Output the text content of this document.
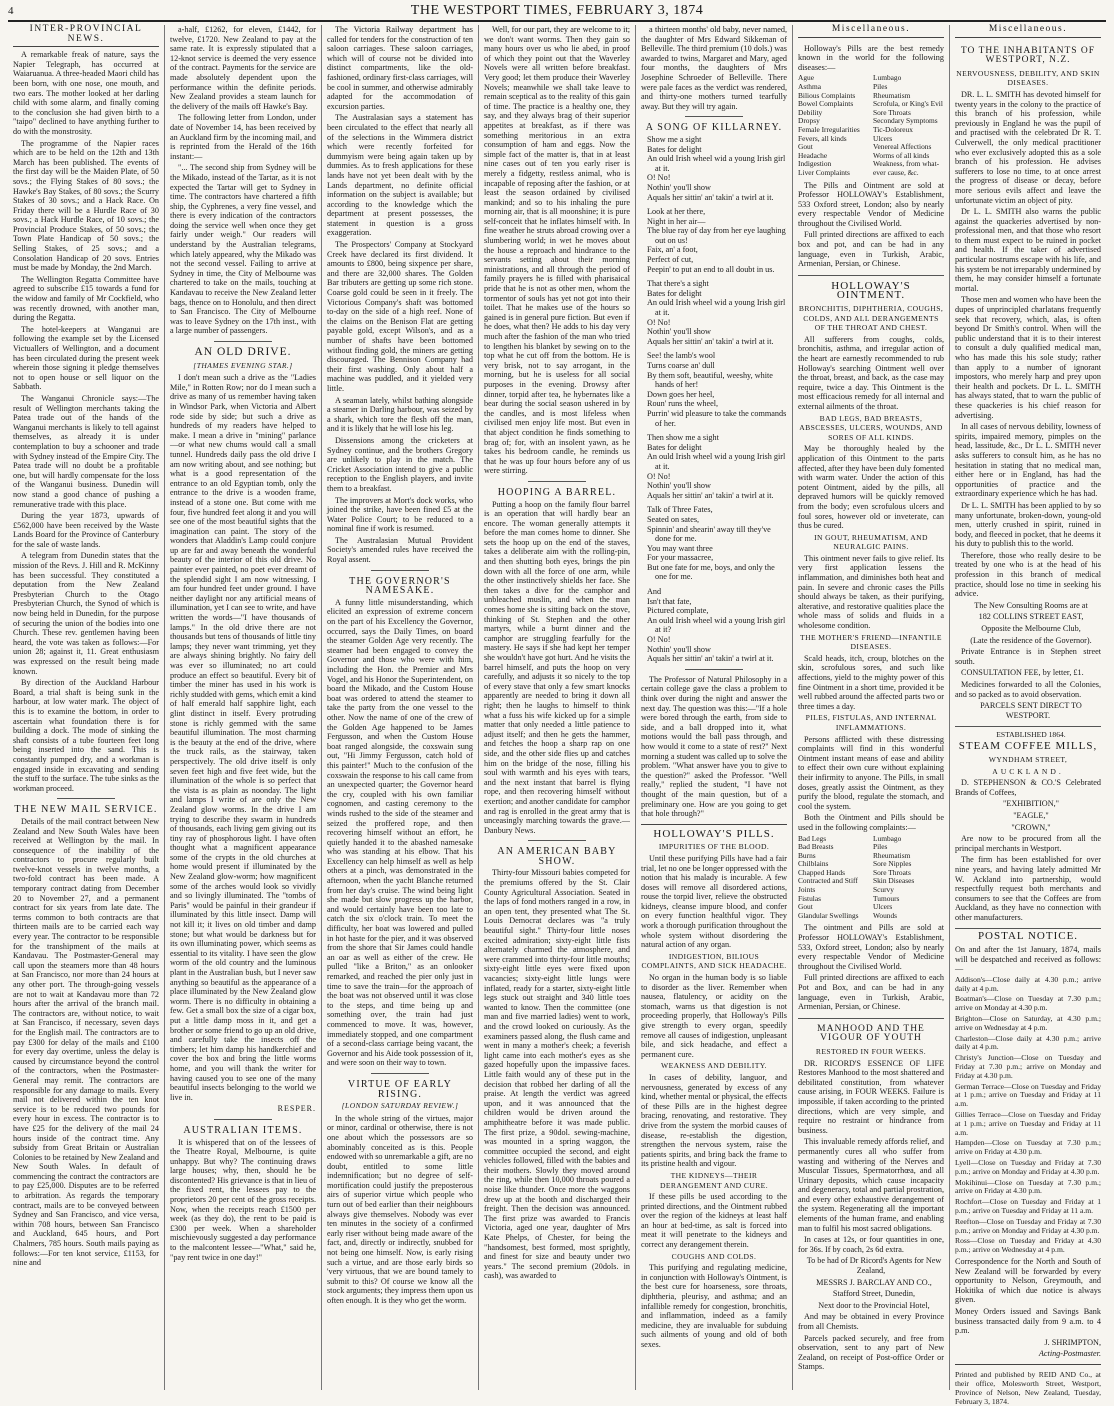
4	THE WESTPORT TIMES, FEBRUARY 3, 1874
INTER-PROVINCIAL NEWS.

A remarkable freak of nature, says the Napier Telegraph, has occurred at Waiaruanua. A three-headed Maori child has been born, with one nose, one mouth, and two ears. The mother looked at her darling child with some alarm, and finally coming to the conclusion she had given birth to a "taipo" declined to have anything further to do with the monstrosity.

The programme of the Napier races which are to be held on the 12th and 13th March has been published. The events of the first day will be the Maiden Plate, of 50 sovs.; the Flying Stakes of 80 sovs.; the Hawke's Bay Stakes, of 80 sovs.; the Scurry Stakes of 30 sovs.; and a Hack Race. On Friday there will be a Hurdle Race of 30 sovs.; a Hack Hurdle Race, of 10 sovs.; the Provincial Produce Stakes, of 50 sovs.; the Town Plate Handicap of 50 sovs.; the Selling Stakes, of 25 sovs.; and a Consolation Handicap of 20 sovs. Entries must be made by Monday, the 2nd March.

The Wellington Regatta Committee have agreed to subscribe £15 towards a fund for the widow and family of Mr Cockfield, who was recently drowned, with another man, during the Regatta.

The hotel-keepers at Wanganui are following the example set by the Licensed Victuallers of Wellington, and a document has been circulated during the present week wherein those signing it pledge themselves not to open house or sell liquor on the Sabbath.

The Wanganui Chronicle says:—The result of Wellington merchants taking the Patea trade out of the hands of the Wanganui merchants is likely to tell against themselves, as already it is under contemplation to buy a schooner and trade with Sydney instead of the Empire City. The Patea trade will no doubt be a profitable one, but will hardly compensate for the loss of the Wanganui business. Dunedin will now stand a good chance of pushing a remunerative trade with this place.

During the year 1873, upwards of £562,000 have been received by the Waste Lands Board for the Province of Canterbury for the sale of waste lands.

A telegram from Dunedin states that the mission of the Revs. J. Hill and R. McKinny has been successful. They constituted a deputation from the New Zealand Presbyterian Church to the Otago Presbyterian Church, the Synod of which is now being held in Dunedin, for the purpose of securing the union of the bodies into one Church. These rev. gentlemen having been heard, the vote was taken as follows:—For union 28; against it, 11. Great enthusiasm was expressed on the result being made known.

By direction of the Auckland Harbour Board, a trial shaft is being sunk in the harbour, at low water mark. The object of this is to examine the bottom, in order to ascertain what foundation there is for building a dock. The mode of sinking the shaft consists of a tube fourteen feet long being inserted into the sand. This is constantly pumped dry, and a workman is engaged inside in excavating and sending the stuff to the surface. The tube sinks as the workman proceed.

THE NEW MAIL SERVICE.

Details of the mail contract between New Zealand and New South Wales have been received at Wellington by the mail. In consequence of the inability of the contractors to procure regularly built twelve-knot vessels in twelve months, a two-fold contract has been made. A temporary contract dating from December 20 to November 27, and a permanent contract for six years from late date. The terms common to both contracts are that thirteen mails are to be carried each way every year. The contractor to be responsible for the transhipment of the mails at Kandavau. The Postmaster-General may call upon the steamers more than 48 hours at San Francisco, nor more than 24 hours at any other port. The through-going vessels are not to wait at Kandavau more than 72 hours after the arrival of the branch mail. The contractors are, without notice, to wait at San Francisco, if necessary, seven days for the English mail. The contractors are to pay £300 for delay of the mails and £100 for every day overtime, unless the delay is caused by circumstance beyond the control of the contractors, when the Postmaster-General may remit. The contractors are responsible for any damage to mails. Every mail not delivered within the ten knot service is to be reduced two pounds for every hour in excess. The contractor is to have £25 for the delivery of the mail 24 hours inside of the contract time. Any subsidy from Great Britain or Australian Colonies to be retained by New Zealand and New South Wales. In default of commencing the contract the contractors are to pay £25,000. Disputes are to be referred to arbitration. As regards the temporary contract, mails are to be conveyed between Sydney and San Francisco, and vice versa, within 708 hours, between San Francisco and Auckland, 645 hours, and Port Chalmers, 785 hours. South mails paying as follows:—For ten knot service, £1153, for nine and

a-half, £1262, for eleven, £1442, for twelve, £1720. New Zealand to pay at the same rate. It is expressly stipulated that a 12-knot service is deemed the very essence of the contract. Payments for the service are made absolutely dependent upon the performance within the definite periods. New Zealand provides a steam launch for the delivery of the mails off Hawke's Bay.

The following letter from London, under date of November 14, has been received by an Auckland firm by the incoming mail, and is reprinted from the Herald of the 16th instant:—

"... The second ship from Sydney will be the Mikado, instead of the Tartar, as it is not expected the Tartar will get to Sydney in time. The contractors have chartered a fifth ship, the Cyphrenes, a very fine vessel, and there is every indication of the contractors doing the service well when once they get fairly under weigh." Our readers will understand by the Australian telegrams, which lately appeared, why the Mikado was not the second vessel. Failing to arrive at Sydney in time, the City of Melbourne was chartered to take on the mails, touching at Kandavau to receive the New Zealand letter bags, thence on to Honolulu, and then direct to San Francisco. The City of Melbourne was to leave Sydney on the 17th inst., with a large number of passengers.

AN OLD DRIVE.
[THAMES EVENING STAR.]

I don't mean such a drive as the "Ladies Mile," in Rotten Row; nor do I mean such a drive as many of us remember having taken in Windsor Park, when Victoria and Albert rode side by side; but such a drive as hundreds of my readers have helped to make. I mean a drive in "mining" parlance—or what new chums would call a small tunnel. Hundreds daily pass the old drive I am now writing about, and see nothing; but what is a good representation of the entrance to an old Egyptian tomb, only the entrance to the drive is a wooden frame, instead of a stone one. But come with me four, five hundred feet along it and you will see one of the most beautiful sights that the imagination can paint. The story of the wonders that Aladdin's Lamp could conjure up are far and away beneath the wonderful beauty of the interior of this old drive. No painter ever painted, no poet ever dreamt of the splendid sight I am now witnessing. I am four hundred feet under ground. I have neither daylight nor any artificial means of illumination, yet I can see to write, and have written the words—"I have thousands of lamps." In the old drive there are not thousands but tens of thousands of little tiny lamps; they never want trimming, yet they are always shining brightly. No fairy dell was ever so illuminated; no art could produce an effect so beautiful. Every bit of timber the miner has used in his work is richly studded with gems, which emit a kind of half emerald half sapphire light, each glint distinct in itself. Every protruding stone is richly gemmed with the same beautiful illumination. The most charming is the beauty at the end of the drive, where the truck rails, as the stairway, taken perspectively. The old drive itself is only seven feet high and five feet wide, but the illumination of the whole is so perfect that the vista is as plain as noonday. The light and lamps I write of are only the New Zealand glow worms. In the drive I am trying to describe they swarm in hundreds of thousands, each living gem giving out its tiny ray of phosphorous light. I have often thought what a magnificent appearance some of the crypts in the old churches at home would present if illuminated by the New Zealand glow-worm; how magnificent some of the arches would look so vividly and so livingly illuminated. The "tombs of Paris" would be painful in their grandeur if illuminated by this little insect. Damp will not kill it; it lives on old timber and damp stone; but what would be darkness but for its own illuminating power, which seems as essential to its vitality. I have seen the glow worm of the old country and the luminous plant in the Australian bush, but I never saw anything so beautiful as the appearance of a place illuminated by the New Zealand glow worm. There is no difficulty in obtaining a few. Get a small box the size of a cigar box, put a little damp moss in it, and get a brother or some friend to go up an old drive, and carefully take the insects off the timbers; let him damp his handkerchief and cover the box and bring the little worms home, and you will thank the writer for having caused you to see one of the many beautiful insects belonging to the world we live in.

RESPER.
AUSTRALIAN ITEMS.

It is whispered that on of the lessees of the Theatre Royal, Melbourne, is quite unhappy. But why? The continuing draws large houses; why, then, should he be discontented? His grievance is that in lieu of the fixed rent, the lessees pay to the proprietors 20 per cent of the gross receipts. Now, when the receipts reach £1500 per week (as they do), the rent to be paid is £300 per week. When a shareholder mischievously suggested a day performance to the malcontent lessee—"What," said he, "pay rent twice in one day!"

The Victoria Railway department has called for tenders for the construction of ten saloon carriages. These saloon carriages, which will of course not be divided into distinct compartments, like the old-fashioned, ordinary first-class carriages, will be cool in summer, and otherwise admirably adapted for the accommodation of excursion parties.

The Australasian says a statement has been circulated to the effect that nearly all of the selections in the Wimmera district which were recently forfeited for dummyism were being again taken up by dummies. As to fresh applications for these lands have not yet been dealt with by the Lands department, no definite official information on the subject is available; but according to the knowledge which the department at present possesses, the statement in question is a gross exaggeration.

The Prospectors' Company at Stockyard Creek have declared its first dividend. It amounts to £800, being sixpence per share, and there are 32,000 shares. The Golden Bar tributers are getting up some rich stone. Coarse gold could be seen in it freely. The Victorious Company's shaft was bottomed to-day on the side of a high reef. None of the claims on the Benison Flat are getting payable gold, except Wilson's, and as a number of shafts have been bottomed without finding gold, the miners are getting discouraged. The Bennison Company had their first washing. Only about half a machine was puddled, and it yielded very little.

A seaman lately, whilst bathing alongside a steamer in Darling harbour, was seized by a shark, which tore the flesh off the man, and it is likely that he will lose his leg.

Dissensions among the cricketers at Sydney continue, and the brothers Gregory are unlikely to play in the match. The Cricket Association intend to give a public reception to the English players, and invite them to a breakfast.

The improvers at Mort's dock works, who joined the strike, have been fined £5 at the Water Police Court; to be reduced to a nominal fine if work is resumed.

The Australasian Mutual Provident Society's amended rules have received the Royal assent.

THE GOVERNOR'S NAMESAKE.

A funny little misunderstanding, which elicited an expression of extreme concern on the part of his Excellency the Governor, occurred, says the Daily Times, on board the steamer Golden Age very recently. The steamer had been engaged to convey the Governor and those who were with him, including the Hon. the Premier and Mrs Vogel, and his Honor the Superintendent, on board the Mikado, and the Custom House boat was ordered to attend the steamer to take the party from the one vessel to the other. Now the name of one of the crew of the Golden Age happened to be James Fergusson, and when the Custom House boat ranged alongside, the coxswain sung out, "Hi Jimmy Fergusson, catch hold of this painter!" Much to the confusion of the coxswain the response to his call came from an unexpected quarter; the Governor heard the cry, coupled with his own familiar cognomen, and casting ceremony to the winds rushed to the side of the steamer and seized the proffered rope, and then recovering himself without an effort, he quietly handed it to the abashed namesake who was standing at his elbow. That his Excellency can help himself as well as help others at a pinch, was demonstrated in the afternoon, when the yacht Blanche returned from her day's cruise. The wind being light she made but slow progress up the harbor, and would certainly have been too late to catch the six o'clock train. To meet the difficulty, her boat was lowered and pulled in hot haste for the pier, and it was observed from the shore that Sir James could handle an oar as well as either of the crew. He pulled "like a Briton," as an onlooker remarked, and reached the pier only just in time to save the train—for the approach of the boat was not observed until it was close to the steps, and time being up and something over, the train had just commenced to move. It was, however, immediately stopped, and one compartment of a second-class carriage being vacant, the Governor and his Aide took possession of it, and were soon on their way to town.

VIRTUE OF EARLY RISING.
[LONDON SATURDAY REVIEW.]

In the whole string of the virtues, major or minor, cardinal or otherwise, there is not one about which the possessors are so abominably conceited as is this. People endowed with so unremarkable a gift, are no doubt, entitled to some little indemnification; but no degree of self-mortification could justify the preposterous airs of superior virtue which people who turn out of bed earlier than their neighbours always give themselves. Nobody was ever ten minutes in the society of a confirmed early riser without being made aware of the fact, and, directly or indirectly, snubbed for not being one himself. Now, is early rising such a virtue, and are those early birds so 'very virtuous, that we are bound tamely to submit to this? Of course we know all the stock arguments; they impress them upon us often enough. It is they who get the worm.

Well, for our part, they are welcome to it; we don't want worms. Then they gain so many hours over us who lie abed, in proof of which they point out that the Waverley Novels were all written before breakfast. Very good; let them produce their Waverley Novels; meanwhile we shall take leave to remain sceptical as to the reality of this gain of time. The practice is a healthy one, they say, and they always brag of their superior appetites at breakfast, as if there was something meritorious in an extra consumption of ham and eggs. Now the simple fact of the matter is, that in at least nine cases out of ten you early riser is merely a fidgetty, restless animal, who is incapable of reposing after the fashion, or at least the season ordained by civilised mankind; and so to his inhaling the pure morning air, that is all moonshine; it is pure self-conceit that he inflates himself with. In fine weather he struts abroad crowing over a slumbering world; in wet he moves about the house a reproach and hindrance to the servants setting about their morning ministrations, and all through the period of family prayers he is filled with pharisaical pride that he is not as other men, whom the tormentor of souls has yet not got into their toilet. That he makes use of the hours so gained is in general pure fiction. But even if he does, what then? He adds to his day very much after the fashion of the man who tried to lengthen his blanket by sewing on to the top what he cut off from the bottom. He is very brisk, not to say arrogant, in the morning, but he is useless for all social purposes in the evening. Drowsy after dinner, torpid after tea, he hybernates like a bear during the social season ushered in by the candles, and is most lifeless when civilised men enjoy life most. But even in that abject condition he finds something to brag of; for, with an insolent yawn, as he takes his bedroom candle, he reminds us that he was up four hours before any of us were stirring.

HOOPING A BARREL.

Putting a hoop on the family flour barrel is an operation that will hardly bear an encore. The woman generally attempts it before the man comes home to dinner. She sets the hoop up on the end of the staves, takes a deliberate aim with the rolling-pin, and then shutting both eyes, brings the pin down with all the force of one arm, while the other instinctively shields her face. She then takes a dive for the camphor and unbleached muslin, and when the man comes home she is sitting back on the stove, thinking of St. Stephen and the other martyrs, while a burnt dinner and the camphor are struggling fearfully for the mastery. He says if she had kept her temper she wouldn't have got hurt. And he visits the barrel himself, and puts the hoop on very carefully, and adjusts it so nicely to the top of every stave that only a few smart knocks apparently are needed to bring it down all right; then he laughs to himself to think what a fuss his wife kicked up for a simple matter that only needed a little patience to adjust itself; and then he gets the hammer, and fetches the hoop a sharp rap on one side, and the other side flies up and catches him on the bridge of the nose, filling his soul with warmth and his eyes with tears, and the next instant that barrel is flying rope, and then recovering himself without exertion; and another candidate for camphor and rag is enrolled in the great army that is unceasingly marching towards the grave.—Danbury News.

AN AMERICAN BABY SHOW.

Thirty-four Missouri babies competed for the premiums offered by the St. Clair County Agricultural Association. Seated in the laps of fond mothers ranged in a row, in an open tent, they presented what The St. Louis Democrat declares was "a truly beautiful sight." Thirty-four little noses excited admiration; sixty-eight little fists alternately charmed the atmosphere, and were crammed into thirty-four little mouths; sixty-eight little eyes were fixed upon vacancies; sixty-eight little lungs were inflated, ready for a starter, sixty-eight little legs stuck out straight and 340 little toes wanted to know. Then the committee (one man and five married ladies) went to work, and the crowd looked on curiously. As the examiners passed along, the flush came and went in many a mother's cheek; a feverish light came into each mother's eyes as she gazed hopefully upon the impassive faces. Little faith would any of these put in the decision that robbed her darling of all the praise. At length the verdict was agreed upon, and it was announced that the children would be driven around the amphitheatre before it was made public. The first prize, a 90dol. sewing-machine, was mounted in a spring waggon, the committee occupied the second, and eight vehicles followed, filled with the babies and their mothers. Slowly they moved around the ring, while then 10,000 throats poured a noise like thunder. Once more the waggons drew up at the booth and discharged their freight. Then the decision was announced. The first prize was awarded to Francis Victoria, aged one year, daughter of Mrs Kate Phelps, of Chester, for being the "handsomest, best formed, most sprightly, and finest for size and beauty under two years." The second premium (20dols. in cash), was awarded to

a thirteen months' old baby, never named, the daughter of Mrs Edward Sikkeman of Belleville. The third premium (10 dols.) was awarded to twins, Margaret and Mary, aged four months, the daughters of Mrs Josephine Schroeder of Belleville. There were pale faces as the verdict was rendered, and thirty-one mothers turned tearfully away. But they will try again.

A SONG OF KILLARNEY.
Show me a sight
Bates for delight
An ould Irish wheel wid a young Irish girl at it.
O! No!
Nothin' you'll show
Aquals her sittin' an' takin' a twirl at it.
Look at her there,
Night in her air—
The blue ray of day from her eye laughing out on us!
Faix, an' a foot,
Perfect of cut,
Peepin' to put an end to all doubt in us.
That there's a sight
Bates for delight
An ould Irish wheel wid a young Irish girl at it.
O! No!
Nothin' you'll show
Aquals her sittin' an' takin' a twirl at it.
See! the lamb's wool
Turns coarse an' dull
By them soft, beautiful, weeshy, white hands of her!
Down goes her heel,
Roun' runs the wheel,
Purrin' wid pleasure to take the commands of her.
Then show me a sight
Bates for delight
An ould Irish wheel wid a young Irish girl at it.
O! No!
Nothin' you'll show
Aquals her sittin' an' takin' a twirl at it.
Talk of Three Fates,
Seated on sates,
Spinnin' and shearin' away till they've done for me.
You may want three
For your massacree,
But one fate for me, boys, and only the one for me.
And
Isn't that fate,
Pictured complate,
An ould Irish wheel wid a young Irish girl at it?
O! No!
Nothin' you'll show
Aquals her sittin' an' takin' a twirl at it.

The Professor of Natural Philosophy in a certain college gave the class a problem to think over during the night and answer the next day. The question was this:—"If a hole were bored through the earth, from side to side, and a ball dropped into it, what motions would the ball pass through, and how would it come to a state of rest?" Next morning a student was called up to solve the problem. "What answer have you to give to the question?" asked the Professor. "Well really," replied the student, "I have not thought of the main question, but of a preliminary one. How are you going to get that hole through?"

HOLLOWAY'S PILLS.
IMPURITIES OF THE BLOOD.

Until these purifying Pills have had a fair trial, let no one be longer oppressed with the notion that his malady is incurable. A few doses will remove all disordered actions, rouse the torpid liver, relieve the obstructed kidneys, cleanse impure blood, and confer on every function healthful vigor. They work a thorough purification throughout the whole system without disordering the natural action of any organ.

INDIGESTION, BILIOUS COMPLAINTS, AND SICK HEADACHE.

No organ in the human body is so liable to disorder as the liver. Remember when nausea, flatulency, or acidity on the stomach, warns us that digestion is not proceeding properly, that Holloway's Pills give strength to every organ, speedily remove all causes of indigestion, unpleasant bile, and sick headache, and effect a permanent cure.

WEAKNESS AND DEBILITY.

In cases of debility, languor, and nervousness, generated by excess of any kind, whether mental or physical, the effects of these Pills are in the highest degree bracing, renovating, and restorative. They drive from the system the morbid causes of disease, re-establish the digestion, strengthen the nervous system, raise the patients spirits, and bring back the frame to its pristine health and vigour.

THE KIDNEYS—THEIR DERANGEMENT AND CURE.

If these pills be used according to the printed directions, and the Ointment rubbed over the region of the kidneys at least half an hour at bed-time, as salt is forced into meat it will penetrate to the kidneys and correct any derangement therein.

COUGHS AND COLDS.

This purifying and regulating medicine, in conjunction with Holloway's Ointment, is the best cure for hoarseness, sore throats, diphtheria, pleurisy, and asthma; and an infallible remedy for congestion, bronchitis, and inflammation, indeed as a family medicine, they are invaluable for subduing such ailments of young and old of both sexes.

Miscellaneous.

Holloway's Pills are the best remedy known in the world for the following diseases:—

Ague	Lumbago
Asthma	Piles
Bilious Complaints	Rheumatism
Bowel Complaints	Scrofula, or King's Evil
Debility	Sore Throats
Dropsy	Secondary Symptoms
Female Irregularities	Tic-Doloreux
Fevers, all kinds	Ulcers
Gout	Venereal Affections
Headache	Worms of all kinds
Indigestion	Weakness, from what-
Liver Complaints	ever cause, &c.

The Pills and Ointment are sold at Professor HOLLOWAY's Establishment, 533 Oxford street, London; also by nearly every respectable Vendor of Medicine throughout the Civilised World.

Full printed directions are affixed to each box and pot, and can be had in any language, even in Turkish, Arabic, Armenian, Persian, or Chinese.

HOLLOWAY'S OINTMENT.
BRONCHITIS, DIPHTHERIA, COUGHS, COLDS, AND ALL DERANGEMENTS OF THE THROAT AND CHEST.

All sufferers from coughs, colds, bronchitis, asthma, and irregular action of the heart are earnestly recommended to rub Holloway's searching Ointment well over the throat, breast, and back, as the case may require, twice a day. This Ointment is the most efficacious remedy for all internal and external ailments of the throat.

BAD LEGS, BAD BREASTS, ABSCESSES, ULCERS, WOUNDS, AND SORES OF ALL KINDS.

May be thoroughly healed by the application of this Ointment to the parts affected, after they have been duly fomented with warm water. Under the action of this potent Ointment, aided by the pills, all depraved humors will be quickly removed from the body; even scrofulous ulcers and foul sores, however old or inveterate, can thus be cured.

IN GOUT, RHEUMATISM, AND NEURALGIC PAINS.

This ointment never fails to give relief. Its very first application lessens the inflammation, and diminishes both heat and pain. In severe and chronic cases the Pills should always be taken, as their purifying, alterative, and restorative qualities place the whole mass of solids and fluids in a wholesome condition.

THE MOTHER'S FRIEND—INFANTILE DISEASES.

Scald heads, itch, croup, blotches on the skin, scrofulous sores, and such like affections, yield to the mighty power of this fine Ointment in a short time, provided it be well rubbed around the affected parts two or three times a day.

PILES, FISTULAS, AND INTERNAL INFLAMMATIONS.

Persons afflicted with these distressing complaints will find in this wonderful Ointment instant means of ease and ability to effect their own cure without explaining their infirmity to anyone. The Pills, in small doses, greatly assist the Ointment, as they purify the blood, regulate the stomach, and cool the system.

Both the Ointment and Pills should be used in the following complaints:—

Bad Legs	Lumbago
Bad Breasts	Piles
Burns	Rheumatism
Chilblains	Sore Nipples
Chapped Hands	Sore Throats
Contracted and Stiff	Skin Diseases
Joints	Scurvy
Fistulas	Tumours
Gout	Ulcers
Glandular Swellings	Wounds

The ointment and Pills are sold at Professor HOLLOWAY's Establishment, 533, Oxford street, London; also by nearly every respectable Vendor of Medicine throughout the Civilised World.

Full printed directions are affixed to each Pot and Box, and can be had in any language, even in Turkish, Arabic, Armenian, Persian, or Chinese.

MANHOOD AND THE VIGOUR OF YOUTH
RESTORED IN FOUR WEEKS.

DR. RICORD'S ESSENCE OF LIFE Restores Manhood to the most shattered and debilitated constitution, from whatever cause arising, in FOUR WEEKS. Failure is impossible, if taken according to the printed directions, which are very simple, and require no restraint or hindrance from business.

This invaluable remedy affords relief, and permanently cures all who suffer from wasting and withering of the Nerves and Muscular Tissues, Spermatorrhœa, and all Urinary deposits, which cause incapacity and degeneracy, total and partial prostration, and every other exhaustive derangement of the system. Regenerating all the important elements of the human frame, and enabling man to fulfil his most sacred obligations.

In cases at 12s, or four quantities in one, for 36s. If by coach, 2s 6d extra.

To be had of Dr Ricord's Agents for New Zealand,

MESSRS J. BARCLAY AND CO.,

Stafford Street, Dunedin,

Next door to the Provincial Hotel,

And may be obtained in every Province from all Chemists.

Parcels packed securely, and free from observation, sent to any part of New Zealand, on receipt of Post-office Order or Stamps.

Miscellaneous.
TO THE INHABITANTS OF WESTPORT, N.Z.
NERVOUSNESS, DEBILITY, AND SKIN DISEASES.

DR. L. L. SMITH has devoted himself for twenty years in the colony to the practice of this branch of his profession, while previously in England he was the pupil of and practised with the celebrated Dr R. T. Culverwell, the only medical practitioner who ever exclusively adopted this as a sole branch of his profession. He advises sufferers to lose no time, to at once arrest the progress of disease or decay, before more serious evils affect and leave the unfortunate victim an object of pity.

Dr L. L. SMITH also warns the public against the quackeries advertised by non-professional men, and that those who resort to them must expect to be ruined in pocket and health. If the taker of advertised particular nostrums escape with his life, and his system be not irreparably undermined by them, he may consider himself a fortunate mortal.

Those men and women who have been the dupes of unprincipled charlatans frequently seek that recovery, which, alas, is often beyond Dr Smith's control. When will the public understand that it is to their interest to consult a duly qualified medical man, who has made this his sole study; rather than apply to a number of ignorant impostors, who merely harp and prey upon their health and pockets. Dr L. L. SMITH has always stated, that to warn the public of these quackeries is his chief reason for advertising.

In all cases of nervous debility, lowness of spirits, impaired memory, pimples on the head, lassitude, &c., Dr L. L. SMITH never asks sufferers to consult him, as he has no hesitation in stating that no medical man, either here or in England, has had the opportunities of practice and the extraordinary experience which he has had.

Dr L. L. SMITH has been applied to by so many unfortunate, broken-down, young-old men, utterly crushed in spirit, ruined in body, and fleeced in pocket, that he deems it his duty to publish this to the world.

Therefore, those who really desire to be treated by one who is at the head of his profession in this branch of medical practice, should lose no time in seeking his advice.

The New Consulting Rooms are at

182 COLLINS STREET EAST,

Opposite the Melbourne Club,

(Late the residence of the Governor).

Private Entrance is in Stephen street south.

CONSULTATION FEE, by letter, £1.

Medicines forwarded to all the Colonies, and so packed as to avoid observation.

PARCELS SENT DIRECT TO WESTPORT.

ESTABLISHED 1864.

STEAM COFFEE MILLS,
WYNDHAM STREET,
AUCKLAND.

D. STEPHENSON & CO.'S Celebrated Brands of Coffees,

"EXHIBITION,"

"EAGLE,"

"CROWN,"

Are now to be procured from all the principal merchants in Westport.

The firm has been established for over nine years, and having lately admitted Mr W. Ackland into partnership, would respectfully request both merchants and consumers to see that the Coffees are from Auckland, as they have no connection with other manufacturers.

POSTAL NOTICE.

On and after the 1st January, 1874, mails will be despatched and received as follows:—

Addison's—Close daily at 4.30 p.m.; arrive daily at 4 p.m.

Boatman's—Close on Tuesday at 7.30 p.m.; arrive on Monday at 4.30 p.m.

Brighton—Close on Saturday, at 4.30 p.m.; arrive on Wednesday at 4 p.m.

Charleston—Close daily at 4.30 p.m.; arrive daily at 4 p.m.

Christy's Junction—Close on Tuesday and Friday at 7.30 p.m.; arrive on Monday and Friday at 4.30 p.m.

German Terrace—Close on Tuesday and Friday at 1 p.m.; arrive on Tuesday and Friday at 11 a.m.

Gillies Terrace—Close on Tuesday and Friday at 1 p.m.; arrive on Tuesday and Friday at 11 a.m.

Hampden—Close on Tuesday at 7.30 p.m.; arrive on Friday at 4.30 p.m.

Lyell—Close on Tuesday and Friday at 7.30 p.m.; arrive on Monday and Friday at 4.30 p.m.

Mokihinui—Close on Tuesday at 7.30 p.m.; arrive on Friday at 4.30 p.m.

Rochfort—Close on Tuesday and Friday at 1 p.m.; arrive on Tuesday and Friday at 11 a.m.

Reefton—Close on Tuesday and Friday at 7.30 p.m.; arrive on Monday and Friday at 4.30 p.m.

Ross—Close on Tuesday and Friday at 4.30 p.m.; arrive on Wednesday at 4 p.m.

Correspondence for the North and South of New Zealand will be forwarded by every opportunity to Nelson, Greymouth, and Hokitika of which due notice is always given.

Money Orders issued and Savings Bank business transacted daily from 9 a.m. to 4 p.m.

J. SHRIMPTON,

Acting-Postmaster.

Printed and published by REID AND Co., at their office, Molesworth Street, Westport, Province of Nelson, New Zealand, Tuesday, February 3, 1874.
